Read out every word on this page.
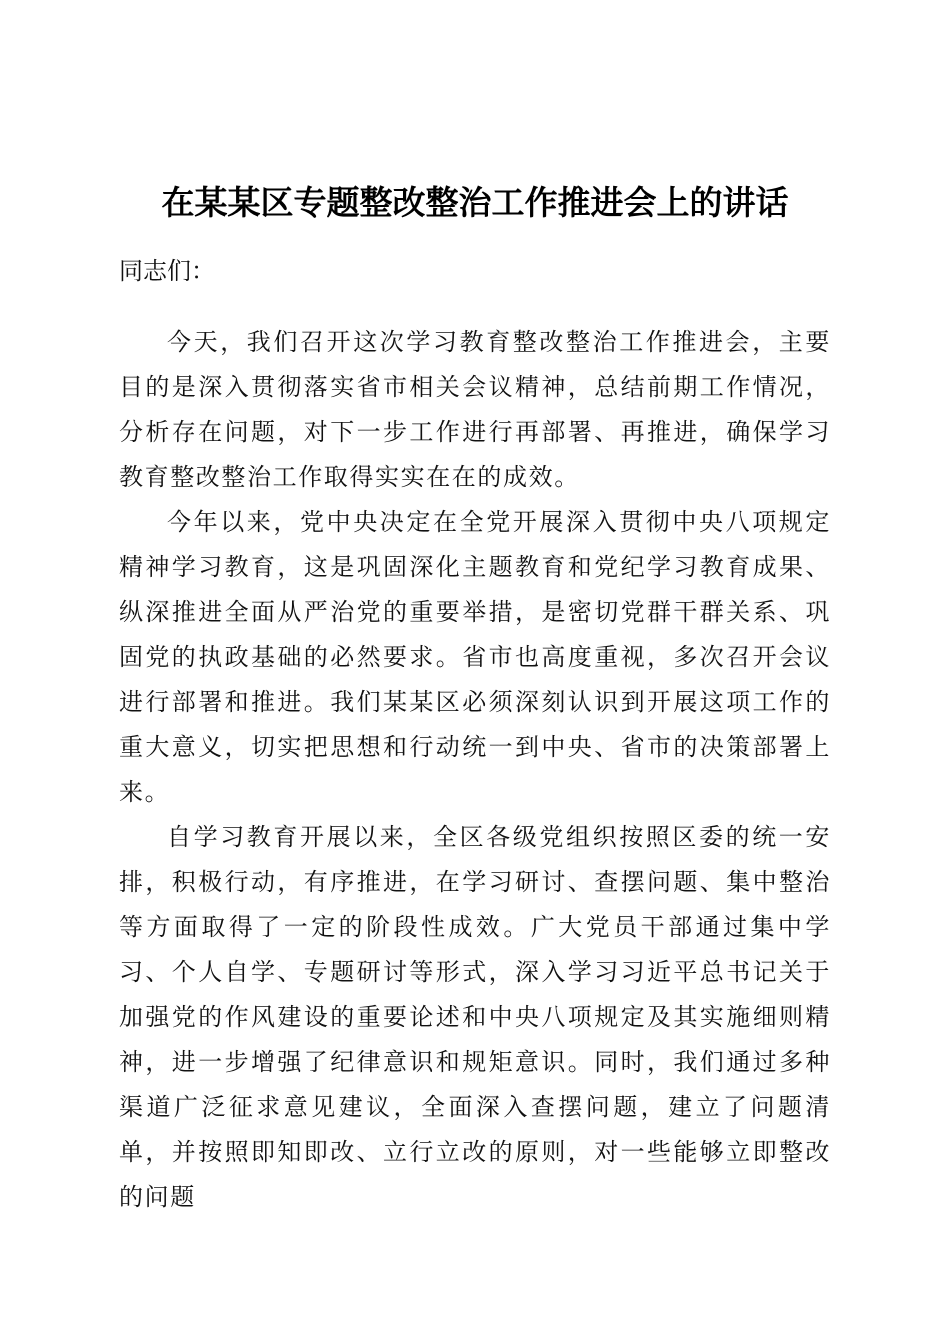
在某某区专题整改整治工作推进会上的讲话
同志们：

今天，我们召开这次学习教育整改整治工作推进会，主要目的是深入贯彻落实省市相关会议精神，总结前期工作情况，分析存在问题，对下一步工作进行再部署、再推进，确保学习教育整改整治工作取得实实在在的成效。

今年以来，党中央决定在全党开展深入贯彻中央八项规定精神学习教育，这是巩固深化主题教育和党纪学习教育成果、纵深推进全面从严治党的重要举措，是密切党群干群关系、巩固党的执政基础的必然要求。省市也高度重视，多次召开会议进行部署和推进。我们某某区必须深刻认识到开展这项工作的重大意义，切实把思想和行动统一到中央、省市的决策部署上来。

自学习教育开展以来，全区各级党组织按照区委的统一安排，积极行动，有序推进，在学习研讨、查摆问题、集中整治等方面取得了一定的阶段性成效。广大党员干部通过集中学习、个人自学、专题研讨等形式，深入学习习近平总书记关于加强党的作风建设的重要论述和中央八项规定及其实施细则精神，进一步增强了纪律意识和规矩意识。同时，我们通过多种渠道广泛征求意见建议，全面深入查摆问题，建立了问题清单，并按照即知即改、立行立改的原则，对一些能够立即整改的问题
